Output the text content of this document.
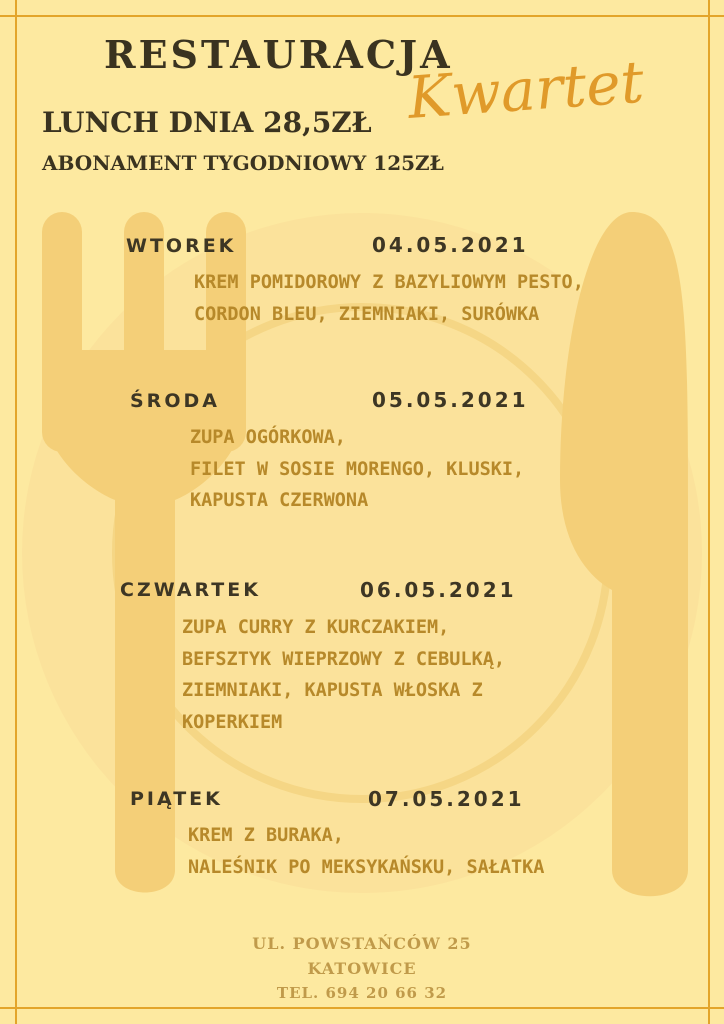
RESTAURACJA
Kwartet
LUNCH DNIA 28,5ZŁ
ABONAMENT TYGODNIOWY 125ZŁ
WTOREK	04.05.2021
KREM POMIDOROWY Z BAZYLIOWYM PESTO,
CORDON BLEU, ZIEMNIAKI, SURÓWKA
ŚRODA	05.05.2021
ZUPA OGÓRKOWA,
FILET W SOSIE MORENGO, KLUSKI,
KAPUSTA CZERWONA
CZWARTEK	06.05.2021
ZUPA CURRY Z KURCZAKIEM,
BEFSZTYK WIEPRZOWY Z CEBULKĄ,
ZIEMNIAKI, KAPUSTA WŁOSKA Z
KOPERKIEM
PIĄTEK	07.05.2021
KREM Z BURAKA,
NALEŚNIK PO MEKSYKAŃSKU, SAŁATKA
UL. POWSTAŃCÓW 25
KATOWICE
TEL. 694 20 66 32
